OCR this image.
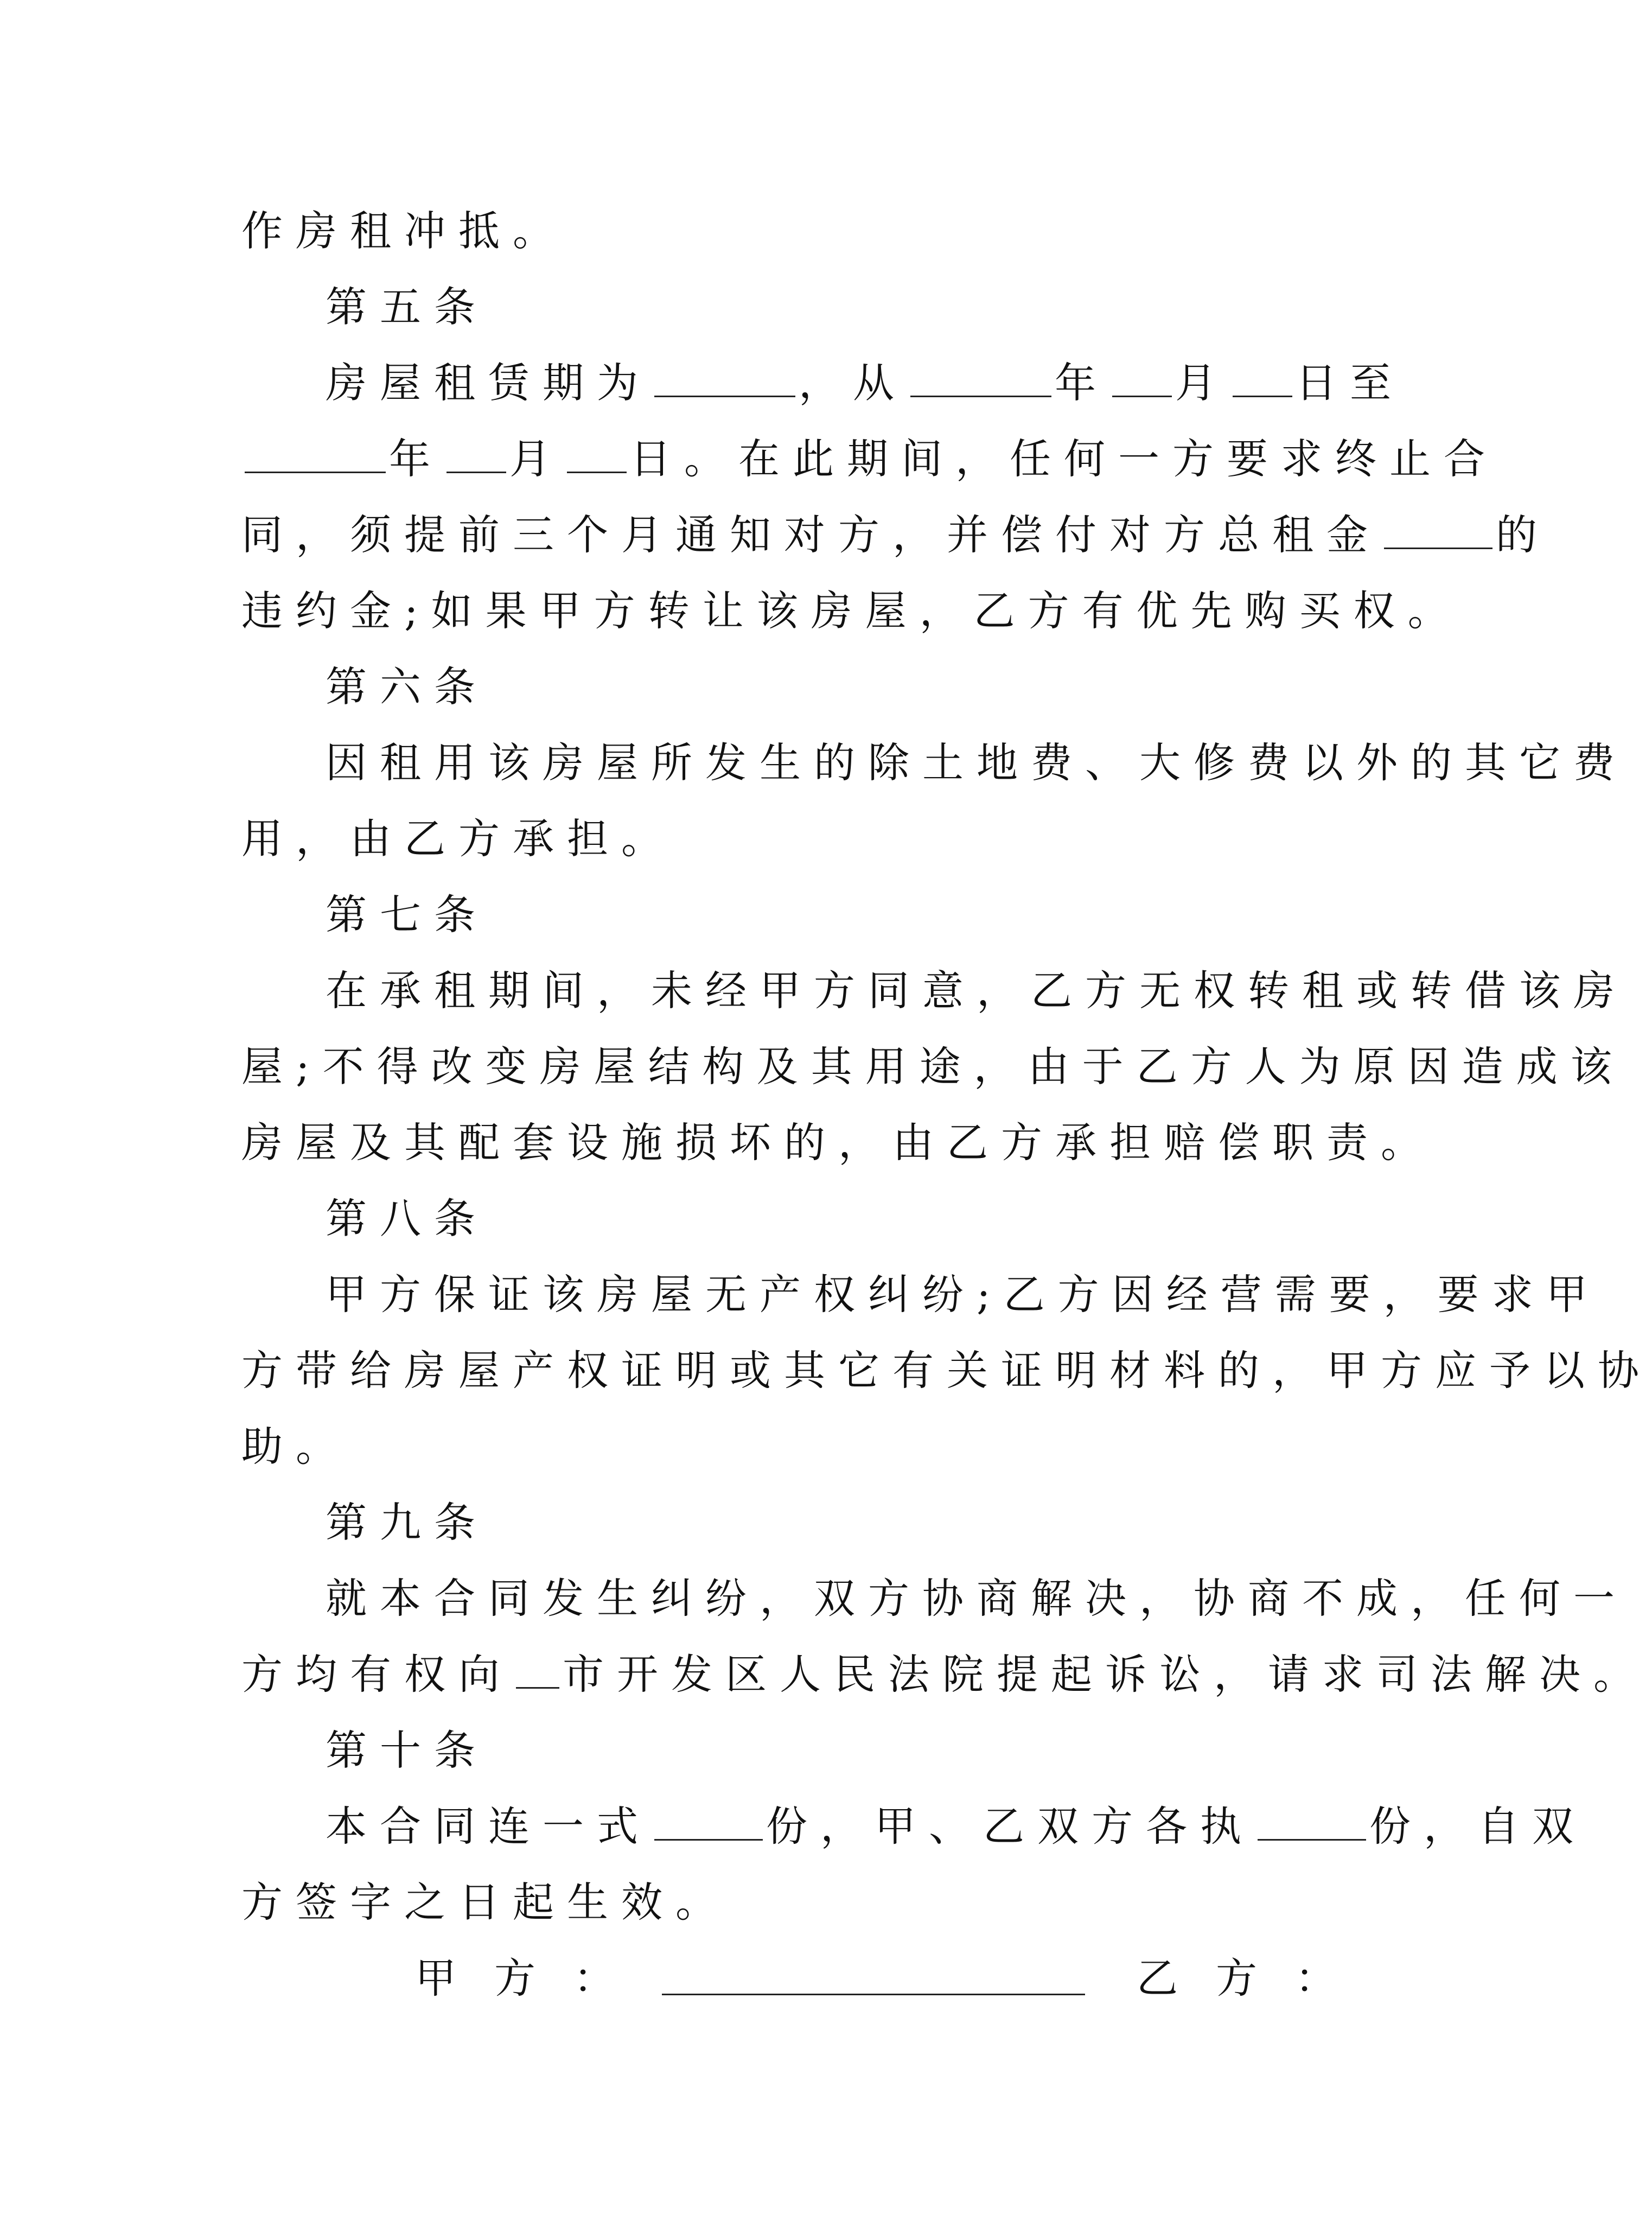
作房租冲抵。
第五条
房屋租赁期为	，从	年 月 日至
年 月 日。在此期间，任何一方要求终止合
同，须提前三个月通知对方，并偿付对方总租金	的
违约金;如果甲方转让该房屋，乙方有优先购买权。
第六条
因租用该房屋所发生的除土地费、大修费以外的其它费
用，由乙方承担。
第七条
在承租期间，未经甲方同意，乙方无权转租或转借该房
屋;不得改变房屋结构及其用途，由于乙方人为原因造成该
房屋及其配套设施损坏的，由乙方承担赔偿职责。
第八条
甲方保证该房屋无产权纠纷;乙方因经营需要，要求甲
方带给房屋产权证明或其它有关证明材料的，甲方应予以协
助。
第九条
就本合同发生纠纷，双方协商解决，协商不成，任何一
方均有权向 市开发区人民法院提起诉讼，请求司法解决。
第十条
本合同连一式	份，甲、乙双方各执	份，自双
方签字之日起生效。
甲方：	乙方：
